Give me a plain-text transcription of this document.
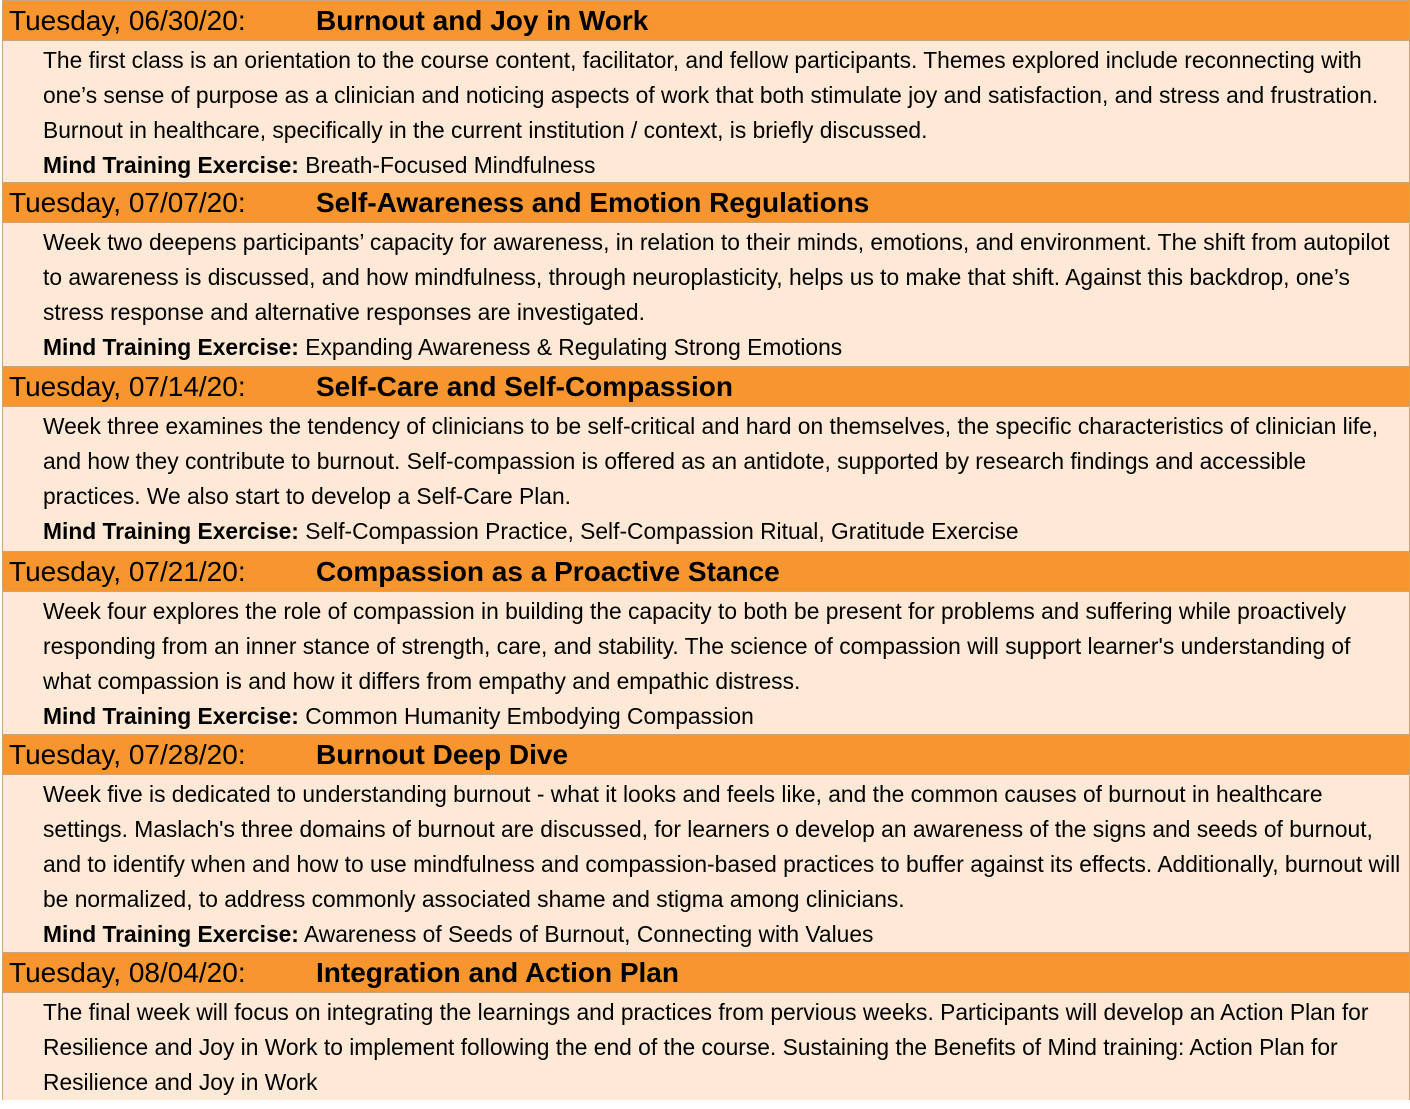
Tuesday, 06/30/20:	Burnout and Joy in Work

The first class is an orientation to the course content, facilitator, and fellow participants. Themes explored include reconnecting with one’s sense of purpose as a clinician and noticing aspects of work that both stimulate joy and satisfaction, and stress and frustration. Burnout in healthcare, specifically in the current institution / context, is briefly discussed.

Mind Training Exercise: Breath-Focused Mindfulness

Tuesday, 07/07/20:	Self-Awareness and Emotion Regulations

Week two deepens participants’ capacity for awareness, in relation to their minds, emotions, and environment. The shift from autopilot to awareness is discussed, and how mindfulness, through neuroplasticity, helps us to make that shift. Against this backdrop, one’s stress response and alternative responses are investigated.

Mind Training Exercise: Expanding Awareness & Regulating Strong Emotions

Tuesday, 07/14/20:	Self-Care and Self-Compassion

Week three examines the tendency of clinicians to be self-critical and hard on themselves, the specific characteristics of clinician life, and how they contribute to burnout. Self-compassion is offered as an antidote, supported by research findings and accessible practices. We also start to develop a Self-Care Plan.

Mind Training Exercise: Self-Compassion Practice, Self-Compassion Ritual, Gratitude Exercise

Tuesday, 07/21/20:	Compassion as a Proactive Stance

Week four explores the role of compassion in building the capacity to both be present for problems and suffering while proactively responding from an inner stance of strength, care, and stability. The science of compassion will support learner's understanding of what compassion is and how it differs from empathy and empathic distress.

Mind Training Exercise: Common Humanity Embodying Compassion

Tuesday, 07/28/20:	Burnout Deep Dive

Week five is dedicated to understanding burnout - what it looks and feels like, and the common causes of burnout in healthcare settings. Maslach's three domains of burnout are discussed, for learners o develop an awareness of the signs and seeds of burnout, and to identify when and how to use mindfulness and compassion-based practices to buffer against its effects. Additionally, burnout will be normalized, to address commonly associated shame and stigma among clinicians.

Mind Training Exercise: Awareness of Seeds of Burnout, Connecting with Values

Tuesday, 08/04/20:	Integration and Action Plan

The final week will focus on integrating the learnings and practices from pervious weeks. Participants will develop an Action Plan for Resilience and Joy in Work to implement following the end of the course. Sustaining the Benefits of Mind training: Action Plan for Resilience and Joy in Work
